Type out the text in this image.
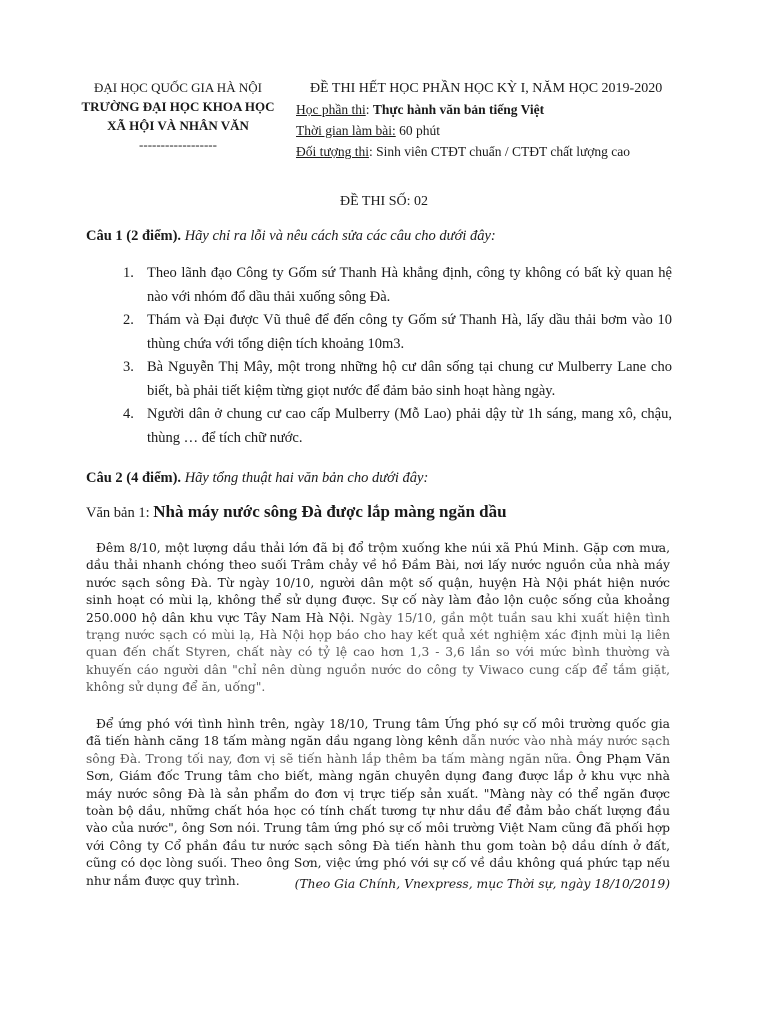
ĐẠI HỌC QUỐC GIA HÀ NỘI
TRƯỜNG ĐẠI HỌC KHOA HỌC
XÃ HỘI VÀ NHÂN VĂN
------------------
ĐỀ THI HẾT HỌC PHẦN HỌC KỲ I, NĂM HỌC 2019-2020
Học phần thi: Thực hành văn bản tiếng Việt
Thời gian làm bài: 60 phút
Đối tượng thi: Sinh viên CTĐT chuẩn / CTĐT chất lượng cao
ĐỀ THI SỐ: 02
Câu 1 (2 điểm). Hãy chỉ ra lỗi và nêu cách sửa các câu cho dưới đây:
1. Theo lãnh đạo Công ty Gốm sứ Thanh Hà khẳng định, công ty không có bất kỳ quan hệ nào với nhóm đổ dầu thải xuống sông Đà.
2. Thám và Đại được Vũ thuê để đến công ty Gốm sứ Thanh Hà, lấy dầu thải bơm vào 10 thùng chứa với tổng diện tích khoảng 10m3.
3. Bà Nguyễn Thị Mây, một trong những hộ cư dân sống tại chung cư Mulberry Lane cho biết, bà phải tiết kiệm từng giọt nước để đảm bảo sinh hoạt hàng ngày.
4. Người dân ở chung cư cao cấp Mulberry (Mỗ Lao) phải dậy từ 1h sáng, mang xô, chậu, thùng … để tích chữ nước.
Câu 2 (4 điểm). Hãy tổng thuật hai văn bản cho dưới đây:
Văn bản 1: Nhà máy nước sông Đà được lắp màng ngăn dầu

Đêm 8/10, một lượng dầu thải lớn đã bị đổ trộm xuống khe núi xã Phú Minh. Gặp cơn mưa, dầu thải nhanh chóng theo suối Trâm chảy về hồ Đầm Bài, nơi lấy nước nguồn của nhà máy nước sạch sông Đà. Từ ngày 10/10, người dân một số quận, huyện Hà Nội phát hiện nước sinh hoạt có mùi lạ, không thể sử dụng được. Sự cố này làm đảo lộn cuộc sống của khoảng 250.000 hộ dân khu vực Tây Nam Hà Nội. Ngày 15/10, gần một tuần sau khi xuất hiện tình trạng nước sạch có mùi lạ, Hà Nội họp báo cho hay kết quả xét nghiệm xác định mùi lạ liên quan đến chất Styren, chất này có tỷ lệ cao hơn 1,3 - 3,6 lần so với mức bình thường và khuyến cáo người dân "chỉ nên dùng nguồn nước do công ty Viwaco cung cấp để tắm giặt, không sử dụng để ăn, uống".

Để ứng phó với tình hình trên, ngày 18/10, Trung tâm Ứng phó sự cố môi trường quốc gia đã tiến hành căng 18 tấm màng ngăn dầu ngang lòng kênh dẫn nước vào nhà máy nước sạch sông Đà. Trong tối nay, đơn vị sẽ tiến hành lắp thêm ba tấm màng ngăn nữa. Ông Phạm Văn Sơn, Giám đốc Trung tâm cho biết, màng ngăn chuyên dụng đang được lắp ở khu vực nhà máy nước sông Đà là sản phẩm do đơn vị trực tiếp sản xuất. "Màng này có thể ngăn được toàn bộ dầu, những chất hóa học có tính chất tương tự như dầu để đảm bảo chất lượng đầu vào của nước", ông Sơn nói. Trung tâm ứng phó sự cố môi trường Việt Nam cũng đã phối hợp với Công ty Cổ phần đầu tư nước sạch sông Đà tiến hành thu gom toàn bộ dầu dính ở đất, cũng có dọc lòng suối. Theo ông Sơn, việc ứng phó với sự cố về dầu không quá phức tạp nếu như nắm được quy trình.	(Theo Gia Chính, Vnexpress, mục Thời sự, ngày 18/10/2019)
